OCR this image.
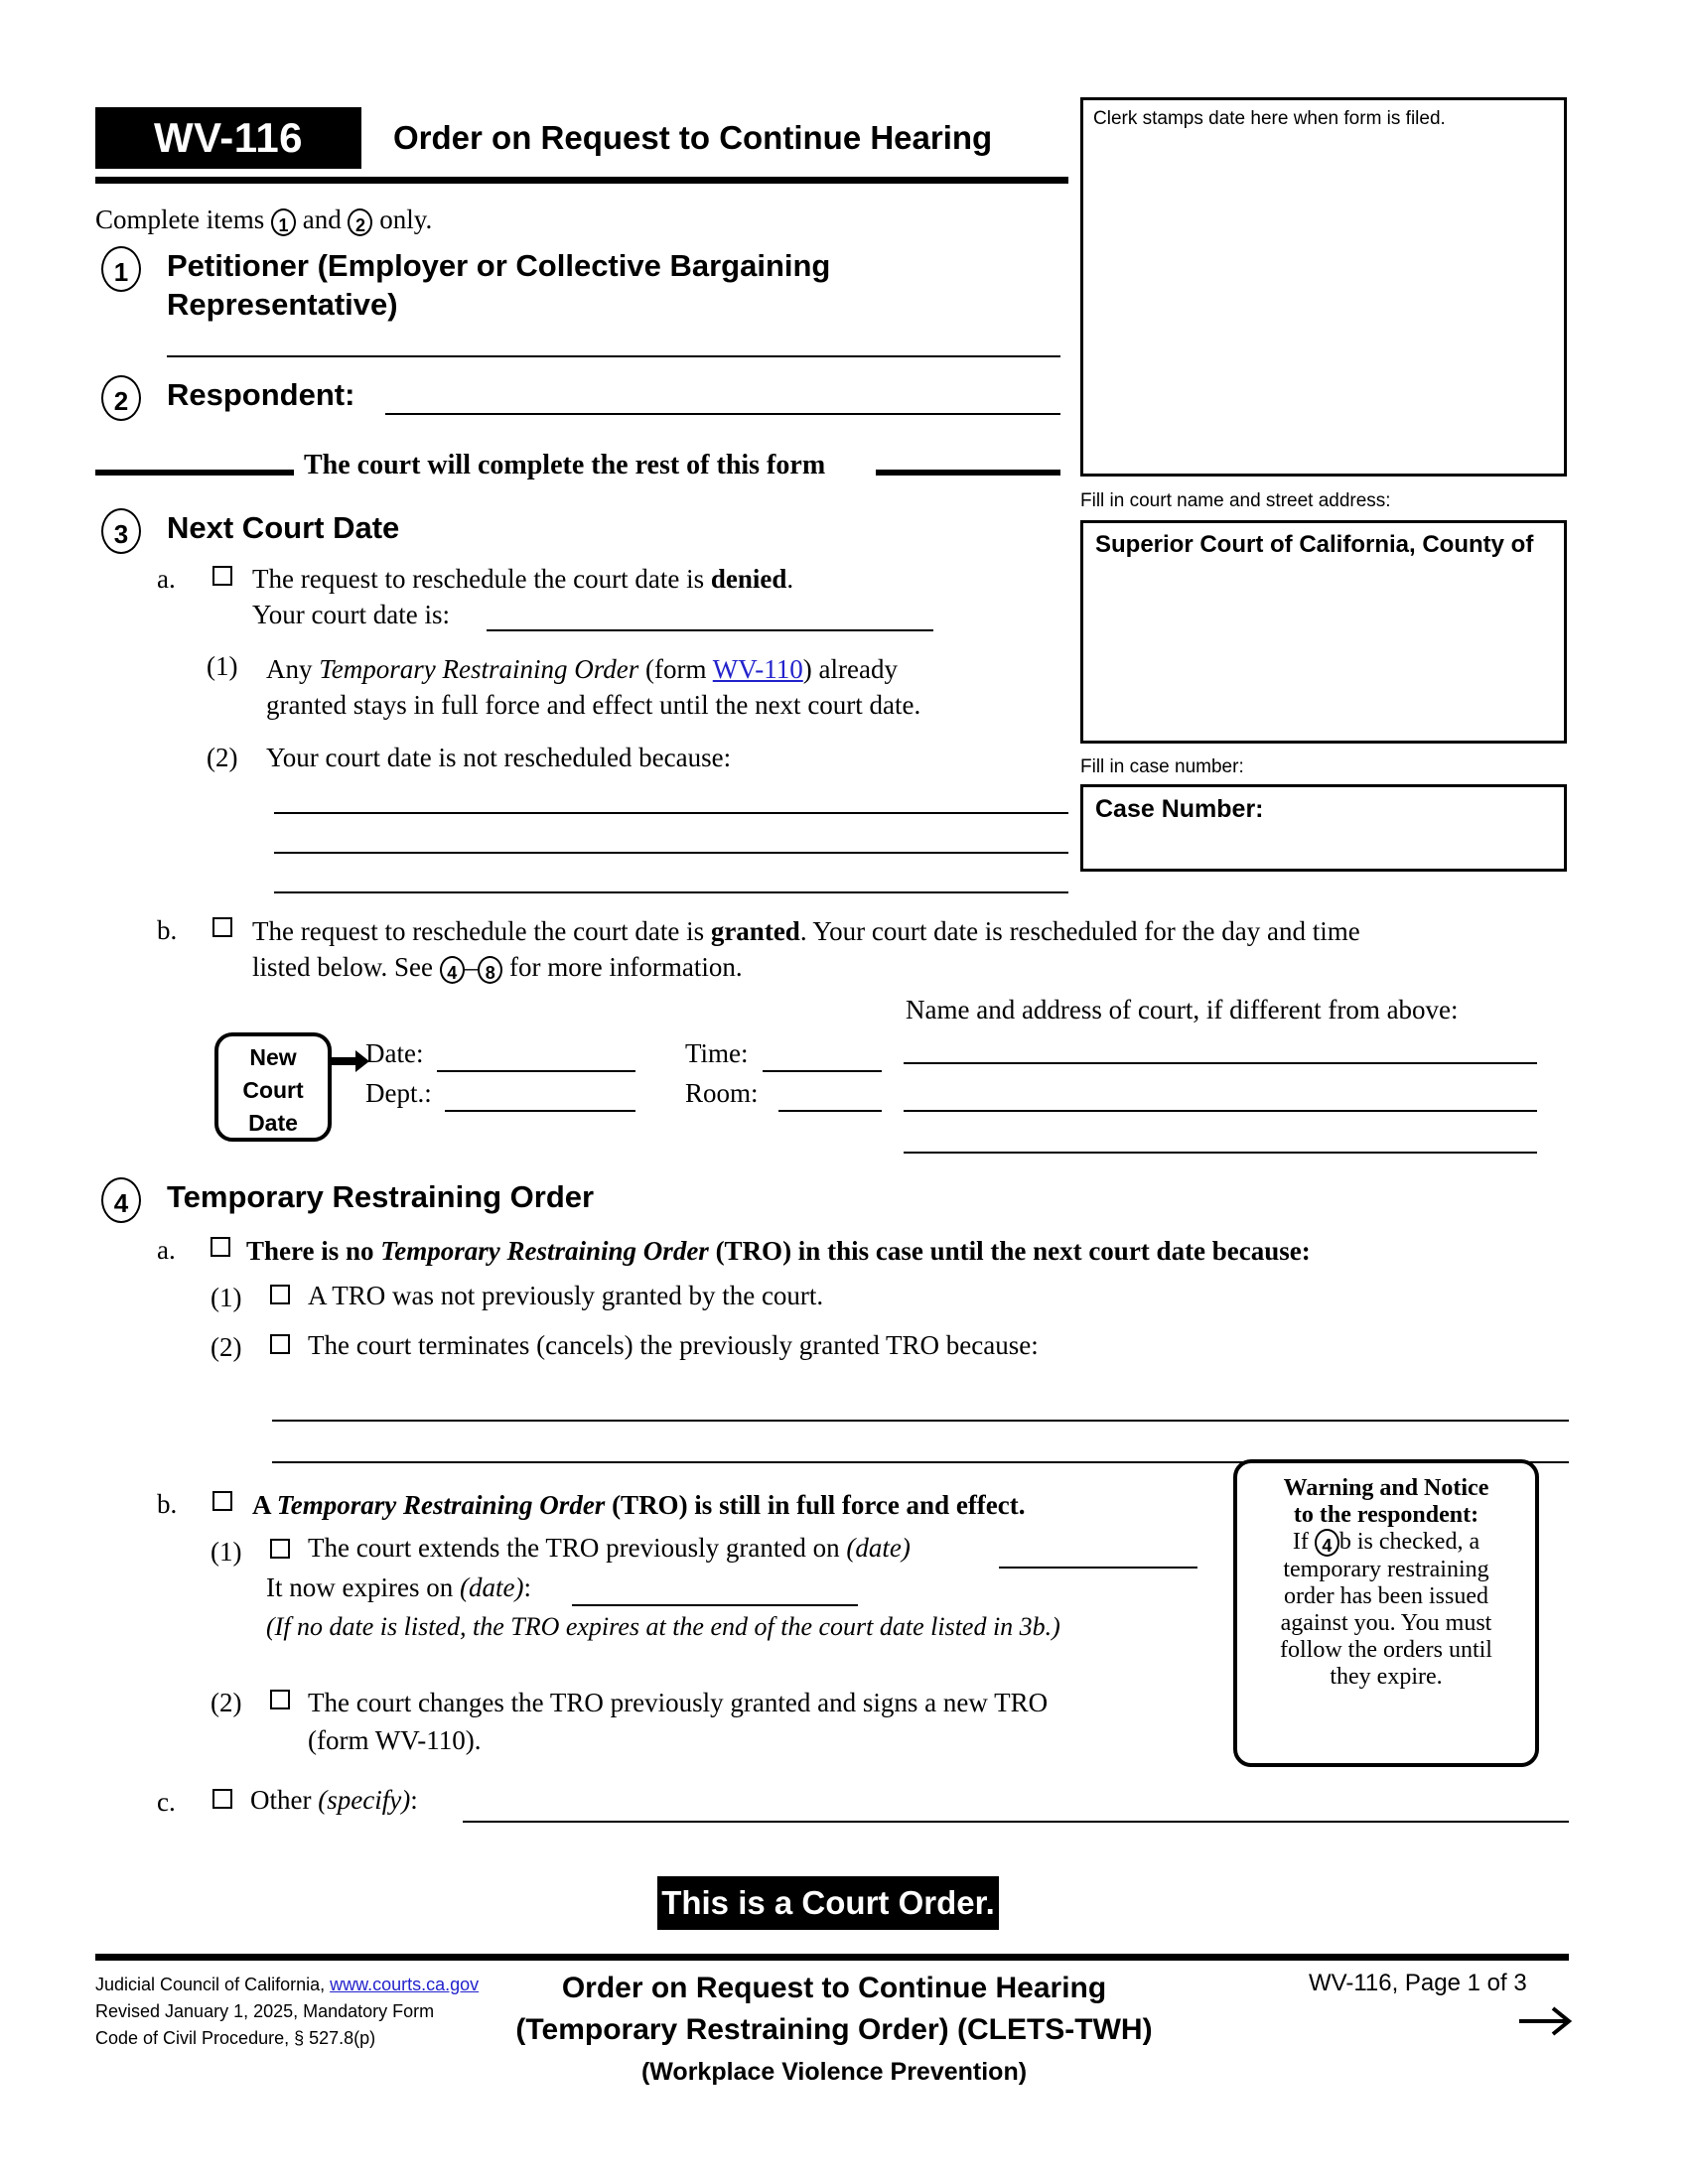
WV-116	Order on Request to Continue Hearing
Clerk stamps date here when form is filed.
Fill in court name and street address:
Superior Court of California, County of
Fill in case number:
Case Number:
Complete items 1 and 2 only.
1	Petitioner (Employer or Collective Bargaining
Representative)
2	Respondent:
The court will complete the rest of this form
3	Next Court Date
a.	The request to reschedule the court date is denied.
Your court date is:
(1) Any Temporary Restraining Order (form WV-110) already
granted stays in full force and effect until the next court date.
(2) Your court date is not rescheduled because:
b.	The request to reschedule the court date is granted. Your court date is rescheduled for the day and time
listed below. See 4 – 8 for more information.
Name and address of court, if different from above:
New
Court
Date
Date:	Time:
Dept.:	Room:
4	Temporary Restraining Order
a.	There is no Temporary Restraining Order (TRO) in this case until the next court date because:
(1) A TRO was not previously granted by the court.
(2) The court terminates (cancels) the previously granted TRO because:
b.	A Temporary Restraining Order (TRO) is still in full force and effect.
(1) The court extends the TRO previously granted on (date)
It now expires on (date):
(If no date is listed, the TRO expires at the end of the court date listed in 3b.)
(2) The court changes the TRO previously granted and signs a new TRO
(form WV-110).
c.	Other (specify):
Warning and Notice
to the respondent:
If 4 b is checked, a
temporary restraining
order has been issued
against you. You must
follow the orders until
they expire.
This is a Court Order.
Judicial Council of California, www.courts.ca.gov
Revised January 1, 2025, Mandatory Form
Code of Civil Procedure, § 527.8(p)
Order on Request to Continue Hearing
(Temporary Restraining Order) (CLETS-TWH)
(Workplace Violence Prevention)
WV-116, Page 1 of 3
